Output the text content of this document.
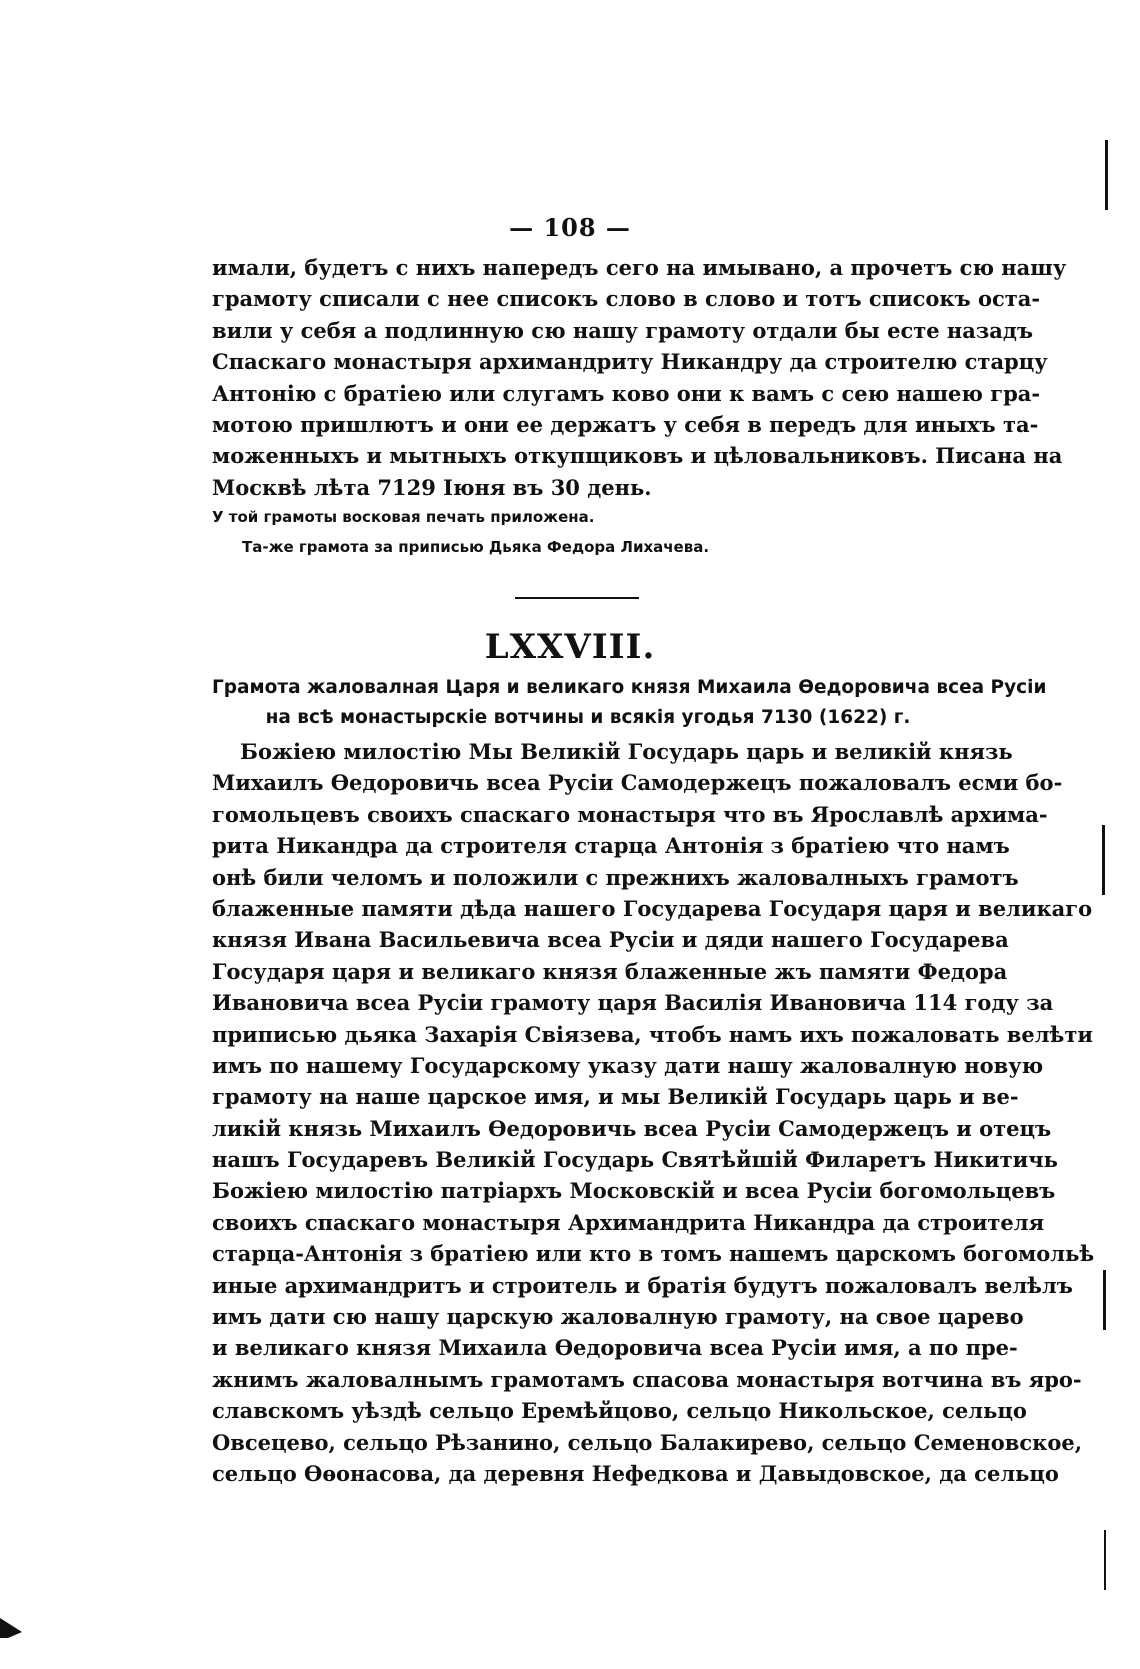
— 108 —
имали, будетъ с нихъ напередъ сего на имывано, а прочетъ сю нашу
грамоту списали с нее списокъ слово в слово и тотъ списокъ оста-
вили у себя а подлинную сю нашу грамоту отдали бы есте назадъ
Спаскаго монастыря архимандриту Никандру да строителю старцу
Антонію с братіею или слугамъ ково они к вамъ с сею нашею гра-
мотою пришлютъ и они ее держатъ у себя в передъ для иныхъ та-
моженныхъ и мытныхъ откупщиковъ и цѣловальниковъ. Писана на
Москвѣ лѣта 7129 Іюня въ 30 день.
У той грамоты восковая печать приложена.
Та-же грамота за приписью Дьяка Федора Лихачева.
LXXVIII.
Грамота жаловалная Царя и великаго князя Михаила Ѳедоровича всеа Русіи
на всѣ монастырскіе вотчины и всякія угодья 7130 (1622) г.
Божіею милостію Мы Великій Государь царь и великій князь
Михаилъ Ѳедоровичь всеа Русіи Самодержецъ пожаловалъ есми бо-
гомольцевъ своихъ спаскаго монастыря что въ Ярославлѣ архима-
рита Никандра да строителя старца Антонія з братіею что намъ
онѣ били челомъ и положили с прежнихъ жаловалныхъ грамотъ
блаженные памяти дѣда нашего Государева Государя царя и великаго
князя Ивана Васильевича всеа Русіи и дяди нашего Государева
Государя царя и великаго князя блаженные жъ памяти Федора
Ивановича всеа Русіи грамоту царя Василія Ивановича 114 году за
приписью дьяка Захарія Свіязева, чтобъ намъ ихъ пожаловать велѣти
имъ по нашему Государскому указу дати нашу жаловалную новую
грамоту на наше царское имя, и мы Великій Государь царь и ве-
ликій князь Михаилъ Ѳедоровичь всеа Русіи Самодержецъ и отецъ
нашъ Государевъ Великій Государь Святѣйшій Филаретъ Никитичь
Божіею милостію патріархъ Московскій и всеа Русіи богомольцевъ
своихъ спаскаго монастыря Архимандрита Никандра да строителя
старца-Антонія з братіею или кто в томъ нашемъ царскомъ богомольѣ
иные архимандритъ и строитель и братія будутъ пожаловалъ велѣлъ
имъ дати сю нашу царскую жаловалную грамоту, на свое царево
и великаго князя Михаила Ѳедоровича всеа Русіи имя, а по пре-
жнимъ жаловалнымъ грамотамъ спасова монастыря вотчина въ яро-
славскомъ уѣздѣ сельцо Еремѣйцово, сельцо Никольское, сельцо
Овсецево, сельцо Рѣзанино, сельцо Балакирево, сельцо Семеновское,
сельцо Ѳѳонасова, да деревня Нефедкова и Давыдовское, да сельцо
